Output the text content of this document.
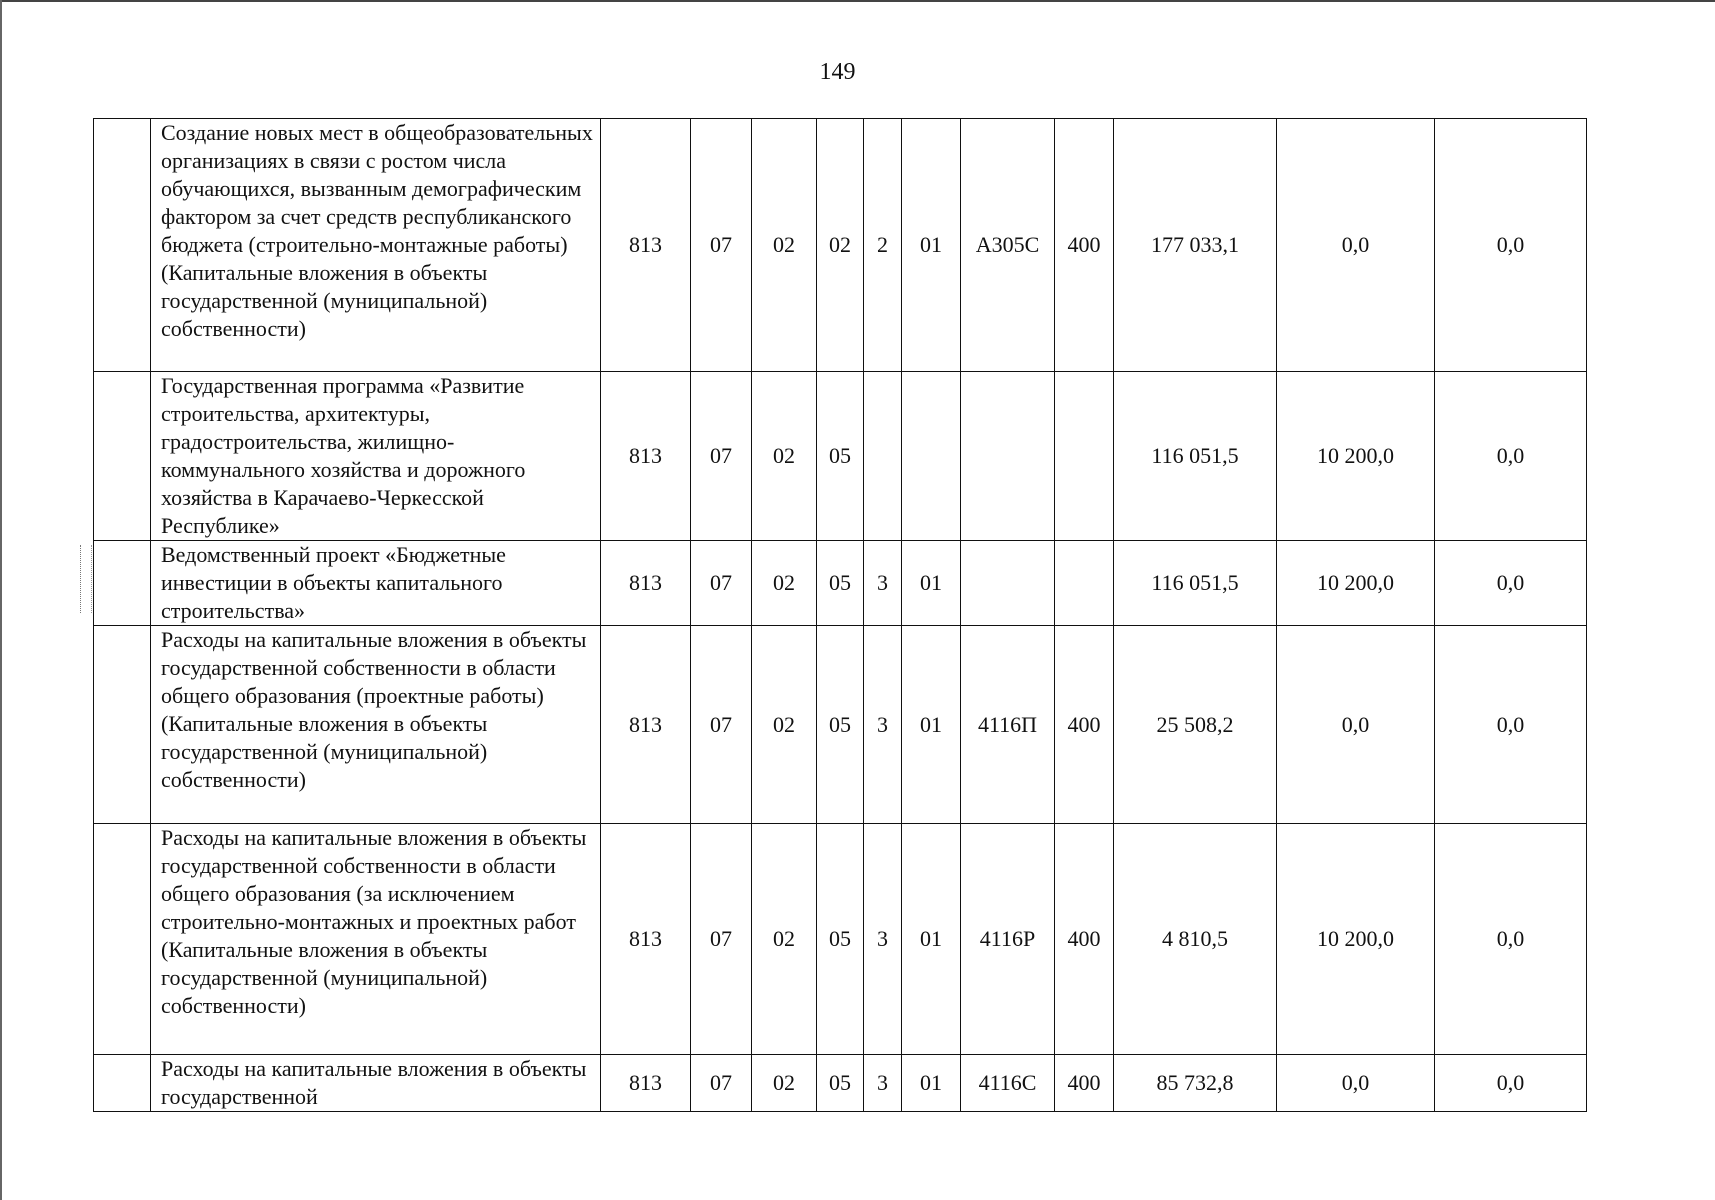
149
	Создание новых мест в общеобразовательных организациях в связи с ростом числа обучающихся, вызванным демографическим фактором за счет средств республиканского бюджета (строительно-монтажные работы) (Капитальные вложения в объекты государственной (муниципальной) собственности)	813	07	02	02	2	01	А305С	400	177 033,1	0,0	0,0
	Государственная программа «Развитие строительства, архитектуры, градостроительства, жилищно-коммунального хозяйства и дорожного хозяйства в Карачаево-Черкесской Республике»	813	07	02	05					116 051,5	10 200,0	0,0
	Ведомственный проект «Бюджетные инвестиции в объекты капитального строительства»	813	07	02	05	3	01			116 051,5	10 200,0	0,0
	Расходы на капитальные вложения в объекты государственной собственности в области общего образования (проектные работы) (Капитальные вложения в объекты государственной (муниципальной) собственности)	813	07	02	05	3	01	4116П	400	25 508,2	0,0	0,0
	Расходы на капитальные вложения в объекты государственной собственности в области общего образования (за исключением строительно-монтажных и проектных работ (Капитальные вложения в объекты государственной (муниципальной) собственности)	813	07	02	05	3	01	4116Р	400	4 810,5	10 200,0	0,0
	Расходы на капитальные вложения в объекты государственной	813	07	02	05	3	01	4116С	400	85 732,8	0,0	0,0
